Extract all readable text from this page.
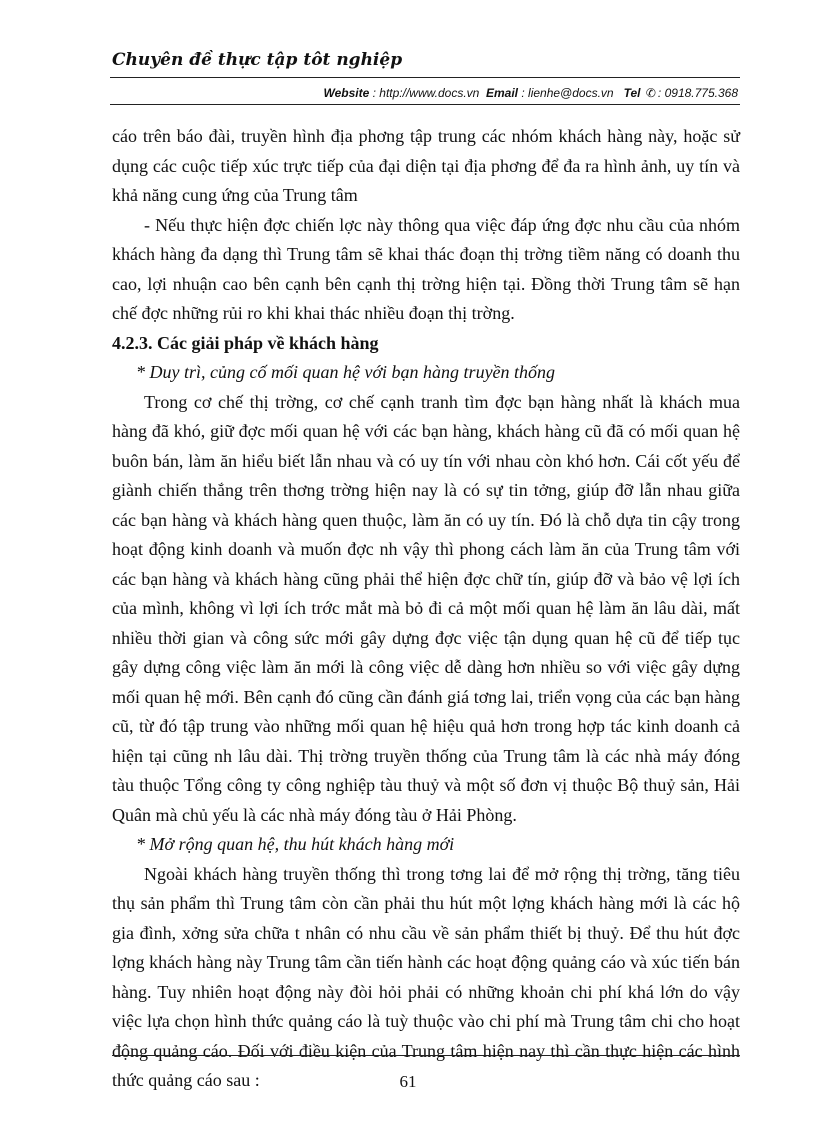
Chuyên đề thực tập tôt nghiệp
Website : http://www.docs.vn Email : lienhe@docs.vn Tel ✆ : 0918.775.368

cáo trên báo đài, truyền hình địa phơng tập trung các nhóm khách hàng này, hoặc sử dụng các cuộc tiếp xúc trực tiếp của đại diện tại địa phơng để đa ra hình ảnh, uy tín và khả năng cung ứng của Trung tâm

- Nếu thực hiện đợc chiến lợc này thông qua việc đáp ứng đợc nhu cầu của nhóm khách hàng đa dạng thì Trung tâm sẽ khai thác đoạn thị trờng tiềm năng có doanh thu cao, lợi nhuận cao bên cạnh bên cạnh thị trờng hiện tại. Đồng thời Trung tâm sẽ hạn chế đợc những rủi ro khi khai thác nhiều đoạn thị trờng.

4.2.3. Các giải pháp về khách hàng

* Duy trì, củng cố mối quan hệ với bạn hàng truyền thống

Trong cơ chế thị trờng, cơ chế cạnh tranh tìm đợc bạn hàng nhất là khách mua hàng đã khó, giữ đợc mối quan hệ với các bạn hàng, khách hàng cũ đã có mối quan hệ buôn bán, làm ăn hiểu biết lẫn nhau và có uy tín với nhau còn khó hơn. Cái cốt yếu để giành chiến thắng trên thơng trờng hiện nay là có sự tin tởng, giúp đỡ lẫn nhau giữa các bạn hàng và khách hàng quen thuộc, làm ăn có uy tín. Đó là chỗ dựa tin cậy trong hoạt động kinh doanh và muốn đợc nh vậy thì phong cách làm ăn của Trung tâm với các bạn hàng và khách hàng cũng phải thể hiện đợc chữ tín, giúp đỡ và bảo vệ lợi ích của mình, không vì lợi ích trớc mắt mà bỏ đi cả một mối quan hệ làm ăn lâu dài, mất nhiều thời gian và công sức mới gây dựng đợc việc tận dụng quan hệ cũ để tiếp tục gây dựng công việc làm ăn mới là công việc dễ dàng hơn nhiều so với việc gây dựng mối quan hệ mới. Bên cạnh đó cũng cần đánh giá tơng lai, triển vọng của các bạn hàng cũ, từ đó tập trung vào những mối quan hệ hiệu quả hơn trong hợp tác kinh doanh cả hiện tại cũng nh lâu dài. Thị trờng truyền thống của Trung tâm là các nhà máy đóng tàu thuộc Tổng công ty công nghiệp tàu thuỷ và một số đơn vị thuộc Bộ thuỷ sản, Hải Quân mà chủ yếu là các nhà máy đóng tàu ở Hải Phòng.

* Mở rộng quan hệ, thu hút khách hàng mới

Ngoài khách hàng truyền thống thì trong tơng lai để mở rộng thị trờng, tăng tiêu thụ sản phẩm thì Trung tâm còn cần phải thu hút một lợng khách hàng mới là các hộ gia đình, xởng sửa chữa t nhân có nhu cầu về sản phẩm thiết bị thuỷ. Để thu hút đợc lợng khách hàng này Trung tâm cần tiến hành các hoạt động quảng cáo và xúc tiến bán hàng. Tuy nhiên hoạt động này đòi hỏi phải có những khoản chi phí khá lớn do vậy việc lựa chọn hình thức quảng cáo là tuỳ thuộc vào chi phí mà Trung tâm chi cho hoạt động quảng cáo. Đối với điều kiện của Trung tâm hiện nay thì cần thực hiện các hình thức quảng cáo sau :	61
